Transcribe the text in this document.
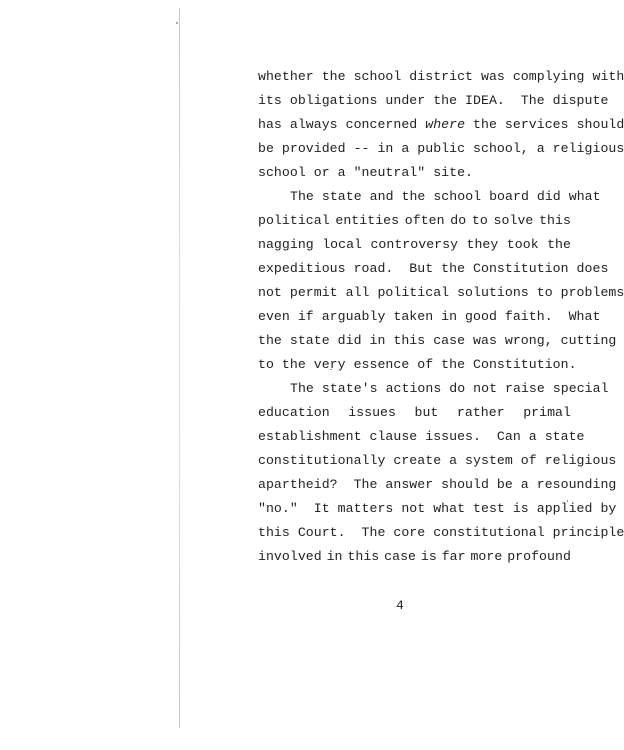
whether the school district was complying with
its obligations under the IDEA.  The dispute
has always concerned where the services should
be provided -- in a public school, a religious
school or a "neutral" site.
The state and the school board did what
political entities often do to solve this
nagging local controversy they took the
expeditious road.  But the Constitution does
not permit all political solutions to problems
even if arguably taken in good faith.  What
the state did in this case was wrong, cutting
to the very essence of the Constitution.
The state's actions do not raise special
education issues but rather primal
establishment clause issues.  Can a state
constitutionally create a system of religious
apartheid?  The answer should be a resounding
"no."  It matters not what test is applied by
this Court.  The core constitutional principle
involved in this case is far more profound
4
